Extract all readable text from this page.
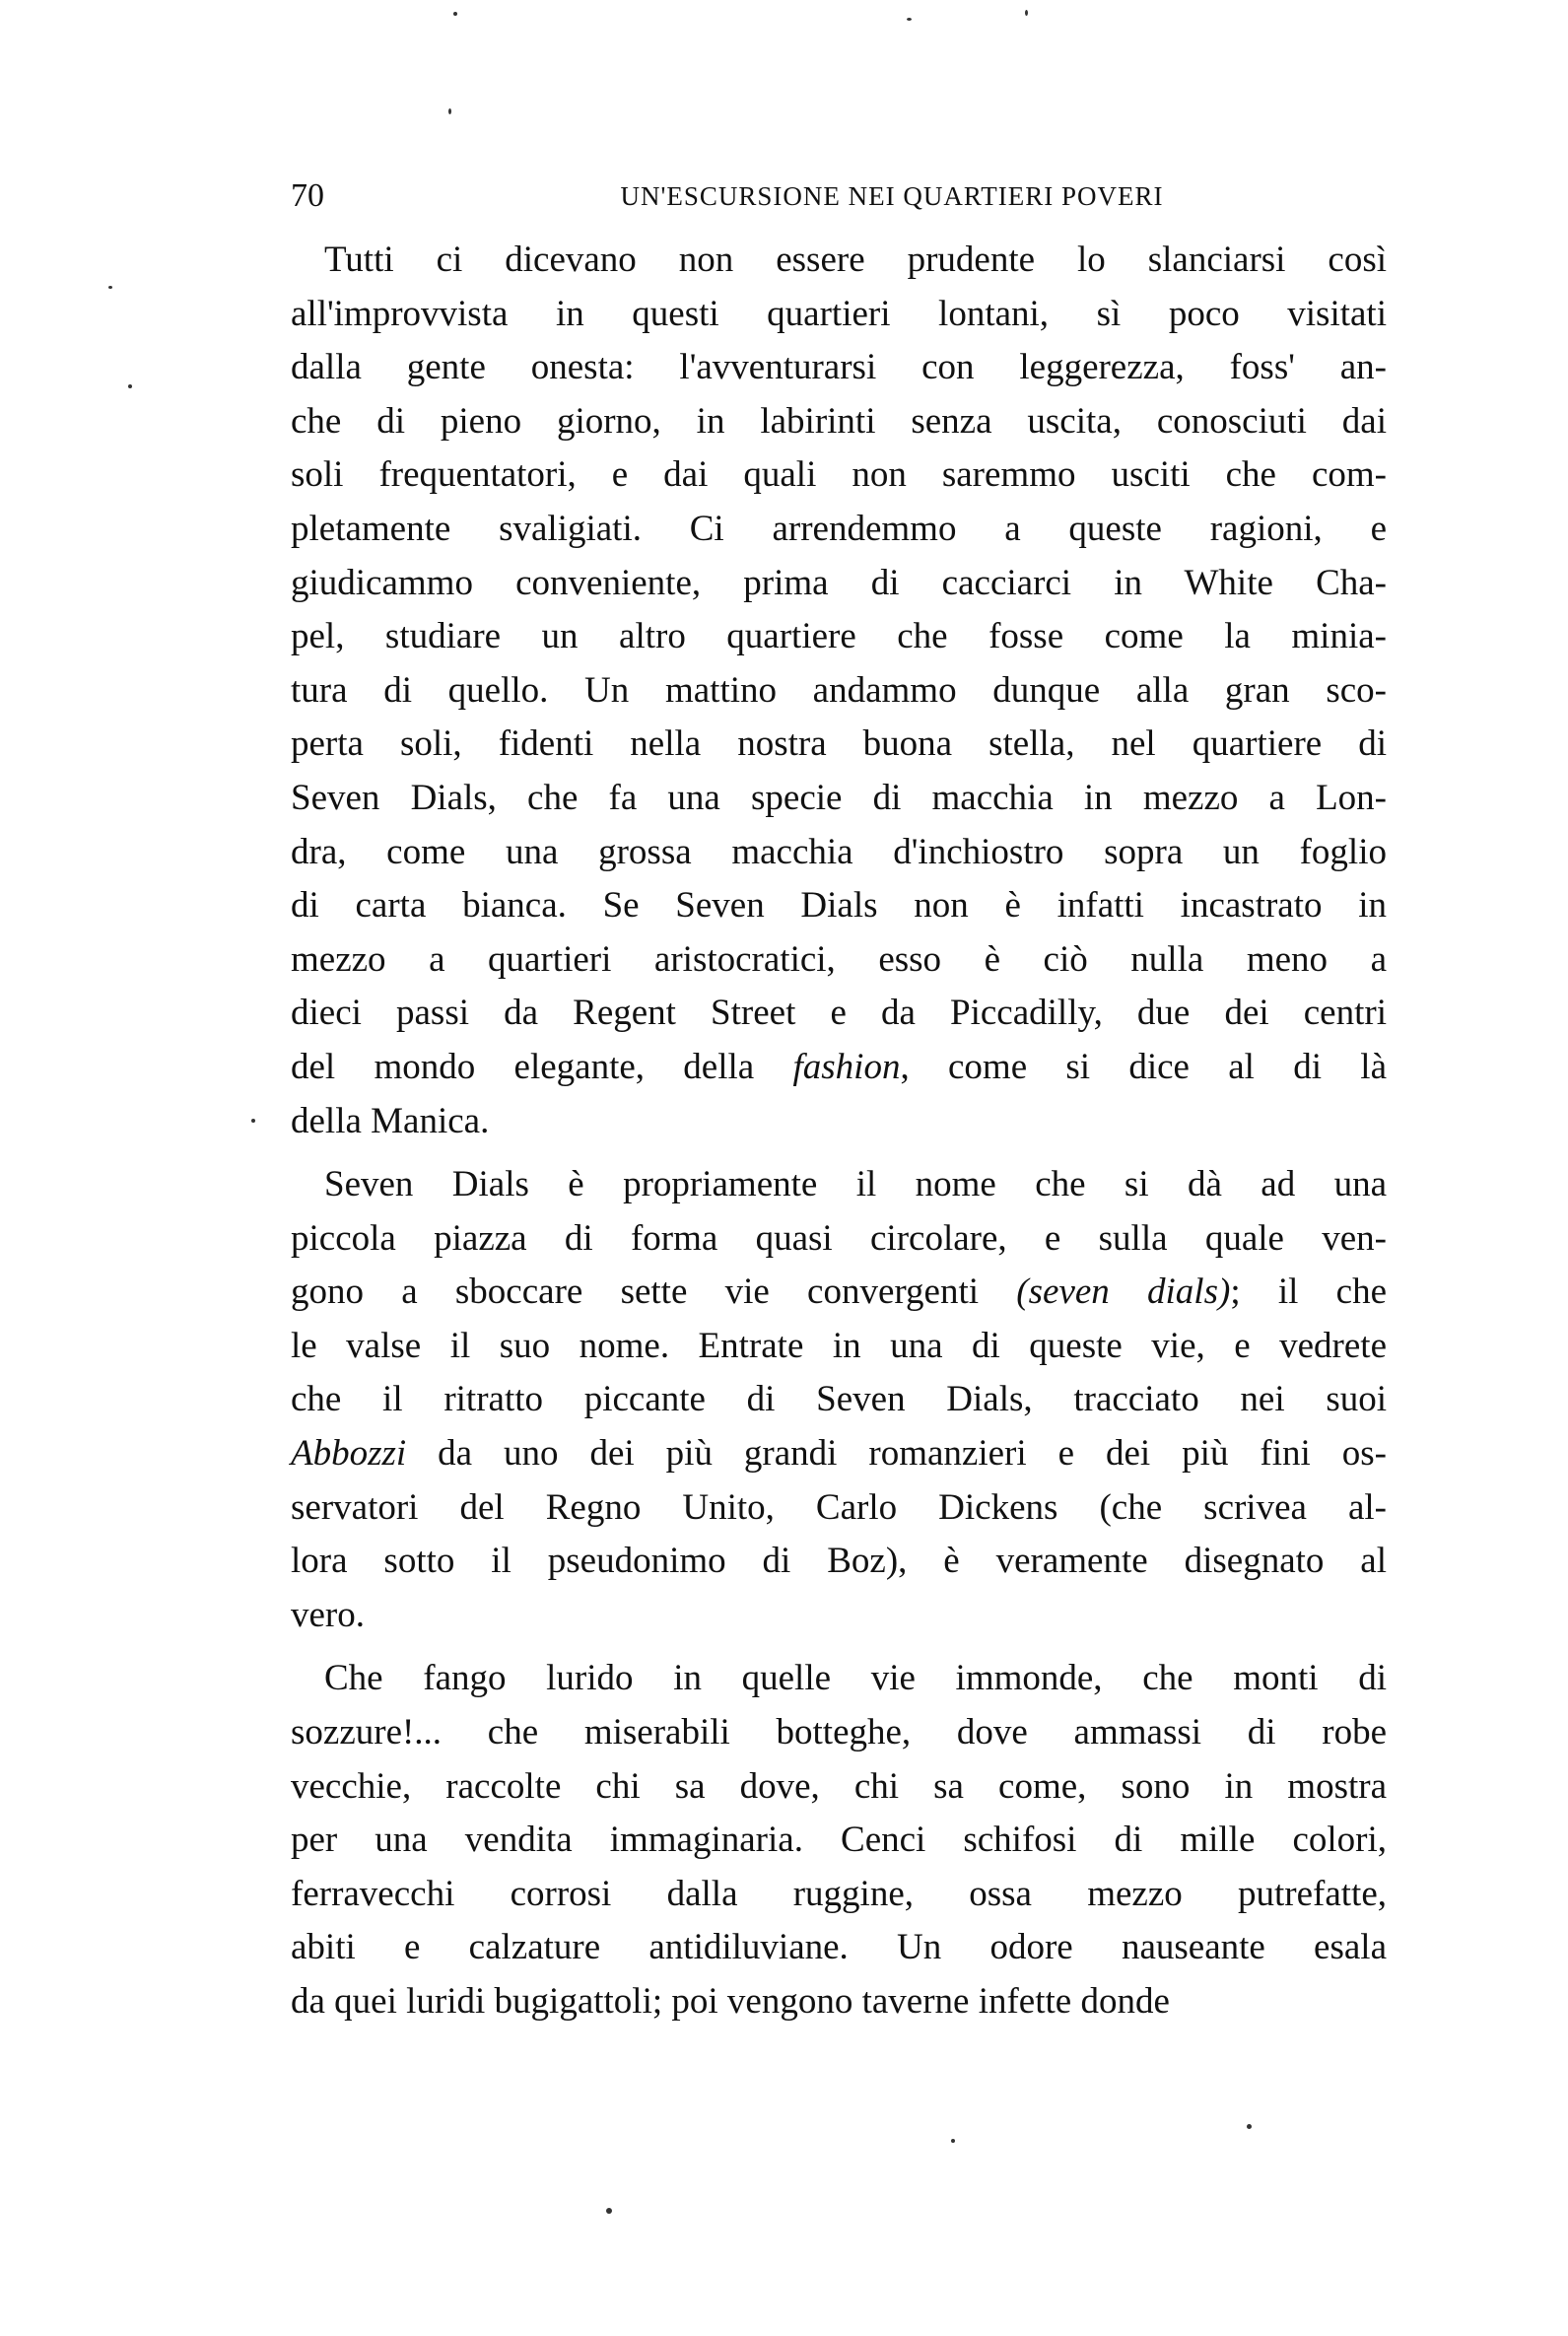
70	UN'ESCURSIONE NEI QUARTIERI POVERI
Tutti ci dicevano non essere prudente lo slanciarsi così
all'improvvista in questi quartieri lontani, sì poco visitati
dalla gente onesta: l'avventurarsi con leggerezza, foss' an-
che di pieno giorno, in labirinti senza uscita, conosciuti dai
soli frequentatori, e dai quali non saremmo usciti che com-
pletamente svaligiati. Ci arrendemmo a queste ragioni, e
giudicammo conveniente, prima di cacciarci in White Cha-
pel, studiare un altro quartiere che fosse come la minia-
tura di quello. Un mattino andammo dunque alla gran sco-
perta soli, fidenti nella nostra buona stella, nel quartiere di
Seven Dials, che fa una specie di macchia in mezzo a Lon-
dra, come una grossa macchia d'inchiostro sopra un foglio
di carta bianca. Se Seven Dials non è infatti incastrato in
mezzo a quartieri aristocratici, esso è ciò nulla meno a
dieci passi da Regent Street e da Piccadilly, due dei centri
del mondo elegante, della fashion, come si dice al di là
della Manica.
Seven Dials è propriamente il nome che si dà ad una
piccola piazza di forma quasi circolare, e sulla quale ven-
gono a sboccare sette vie convergenti (seven dials); il che
le valse il suo nome. Entrate in una di queste vie, e vedrete
che il ritratto piccante di Seven Dials, tracciato nei suoi
Abbozzi da uno dei più grandi romanzieri e dei più fini os-
servatori del Regno Unito, Carlo Dickens (che scrivea al-
lora sotto il pseudonimo di Boz), è veramente disegnato al
vero.
Che fango lurido in quelle vie immonde, che monti di
sozzure!... che miserabili botteghe, dove ammassi di robe
vecchie, raccolte chi sa dove, chi sa come, sono in mostra
per una vendita immaginaria. Cenci schifosi di mille colori,
ferravecchi corrosi dalla ruggine, ossa mezzo putrefatte,
abiti e calzature antidiluviane. Un odore nauseante esala
da quei luridi bugigattoli; poi vengono taverne infette donde
